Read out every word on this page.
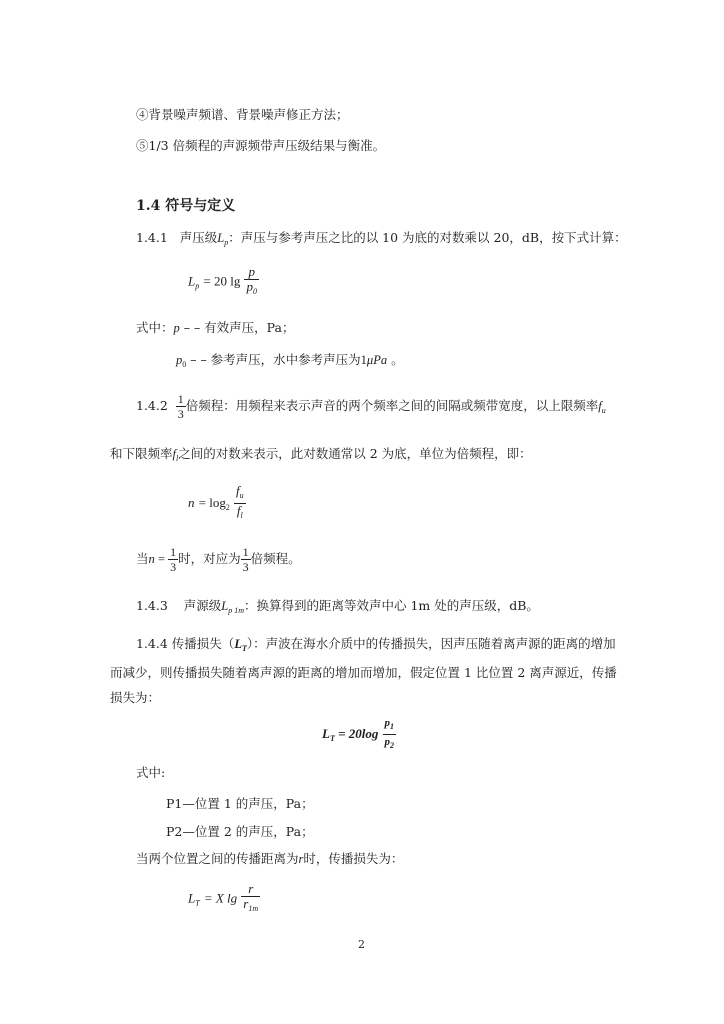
④背景噪声频谱、背景噪声修正方法；
⑤1/3 倍频程的声源频带声压级结果与衡准。
1.4 符号与定义
1.4.1 声压级$L_p$：声压与参考声压之比的以 10 为底的对数乘以 20，dB，按下式计算：
$L_p = 20$ $\lg \frac{p}{p_0}$
式中：p – – 有效声压，Pa；
$p_0$ – – 参考声压，水中参考声压为1μPa 。
$1.4.2 \frac{1}{3}$ 倍频程：用频程来表示声音的两个频率之间的间隔或频带宽度，以上限频率$f_u$
和下限频率$f_l$之间的对数来表示，此对数通常以 2 为底，单位为倍频程，即：
$n = \log_2 \frac{f_u}{f_l}$
当$n = \frac{1}{3}$ 时，对应为 $\frac{1}{3}$ 倍频程。
1.4.3 声源级$L_{p 1m}$：换算得到的距离等效声中心 1m 处的声压级，dB。
1.4.4 传播损失$(L_T)$：声波在海水介质中的传播损失，因声压随着离声源的距离的增加
而减少，则传播损失随着离声源的距离的增加而增加，假定位置 1 比位置 2 离声源近，传播
损失为：
$L_T = 20\log \frac{p_1}{p_2}$
式中:
P1—位置 1 的声压，Pa；
P2—位置 2 的声压，Pa；
当两个位置之间的传播距离为r时，传播损失为：
$L_T = X$ $\lg \frac{r}{r_{1m}}$
2
